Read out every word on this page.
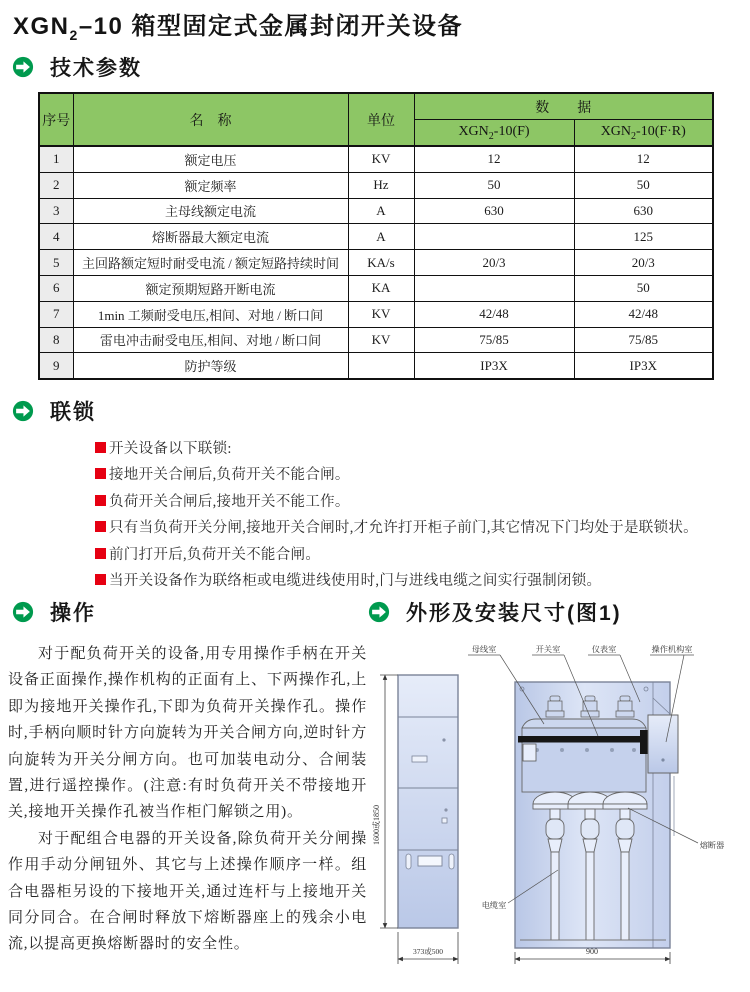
$XGN_2-10$ 箱型固定式金属封闭开关设备
技术参数
序号	名　称	单位	数　　据	
			$XGN_2-10(F)$	$XGN_2-10(F\cdot R)$
1	额定电压	KV	12	12
2	额定频率	Hz	50	50
3	主母线额定电流	A	630	630
4	熔断器最大额定电流	A		125
5	主回路额定短时耐受电流 / 额定短路持续时间	KA/s	20/3	20/3
6	额定预期短路开断电流	KA		50
7	1min 工频耐受电压,相间、对地 / 断口间	KV	42/48	42/48
8	雷电冲击耐受电压,相间、对地 / 断口间	KV	75/85	75/85
9	防护等级		IP3X	IP3X
联锁
开关设备以下联锁:
接地开关合闸后,负荷开关不能合闸。
负荷开关合闸后,接地开关不能工作。
只有当负荷开关分闸,接地开关合闸时,才允许打开柜子前门,其它情况下门均处于是联锁状。
前门打开后,负荷开关不能合闸。
当开关设备作为联络柜或电缆进线使用时,门与进线电缆之间实行强制闭锁。
操作	外形及安装尺寸(图1)

对于配负荷开关的设备,用专用操作手柄在开关设备正面操作,操作机构的正面有上、下两操作孔,上即为接地开关操作孔,下即为负荷开关操作孔。操作时,手柄向顺时针方向旋转为开关合闸方向,逆时针方向旋转为开关分闸方向。也可加装电动分、合闸装置,进行遥控操作。(注意:有时负荷开关不带接地开关,接地开关操作孔被当作柜门解锁之用)。

对于配组合电器的开关设备,除负荷开关分闸操作用手动分闸钮外、其它与上述操作顺序一样。组合电器柜另设的下接地开关,通过连杆与上接地开关同分同合。在合闸时释放下熔断器座上的残余小电流,以提高更换熔断器时的安全性。

1600或1850
373或500
母线室	开关室	仪表室	操作机构室
电缆室
熔断器
900
